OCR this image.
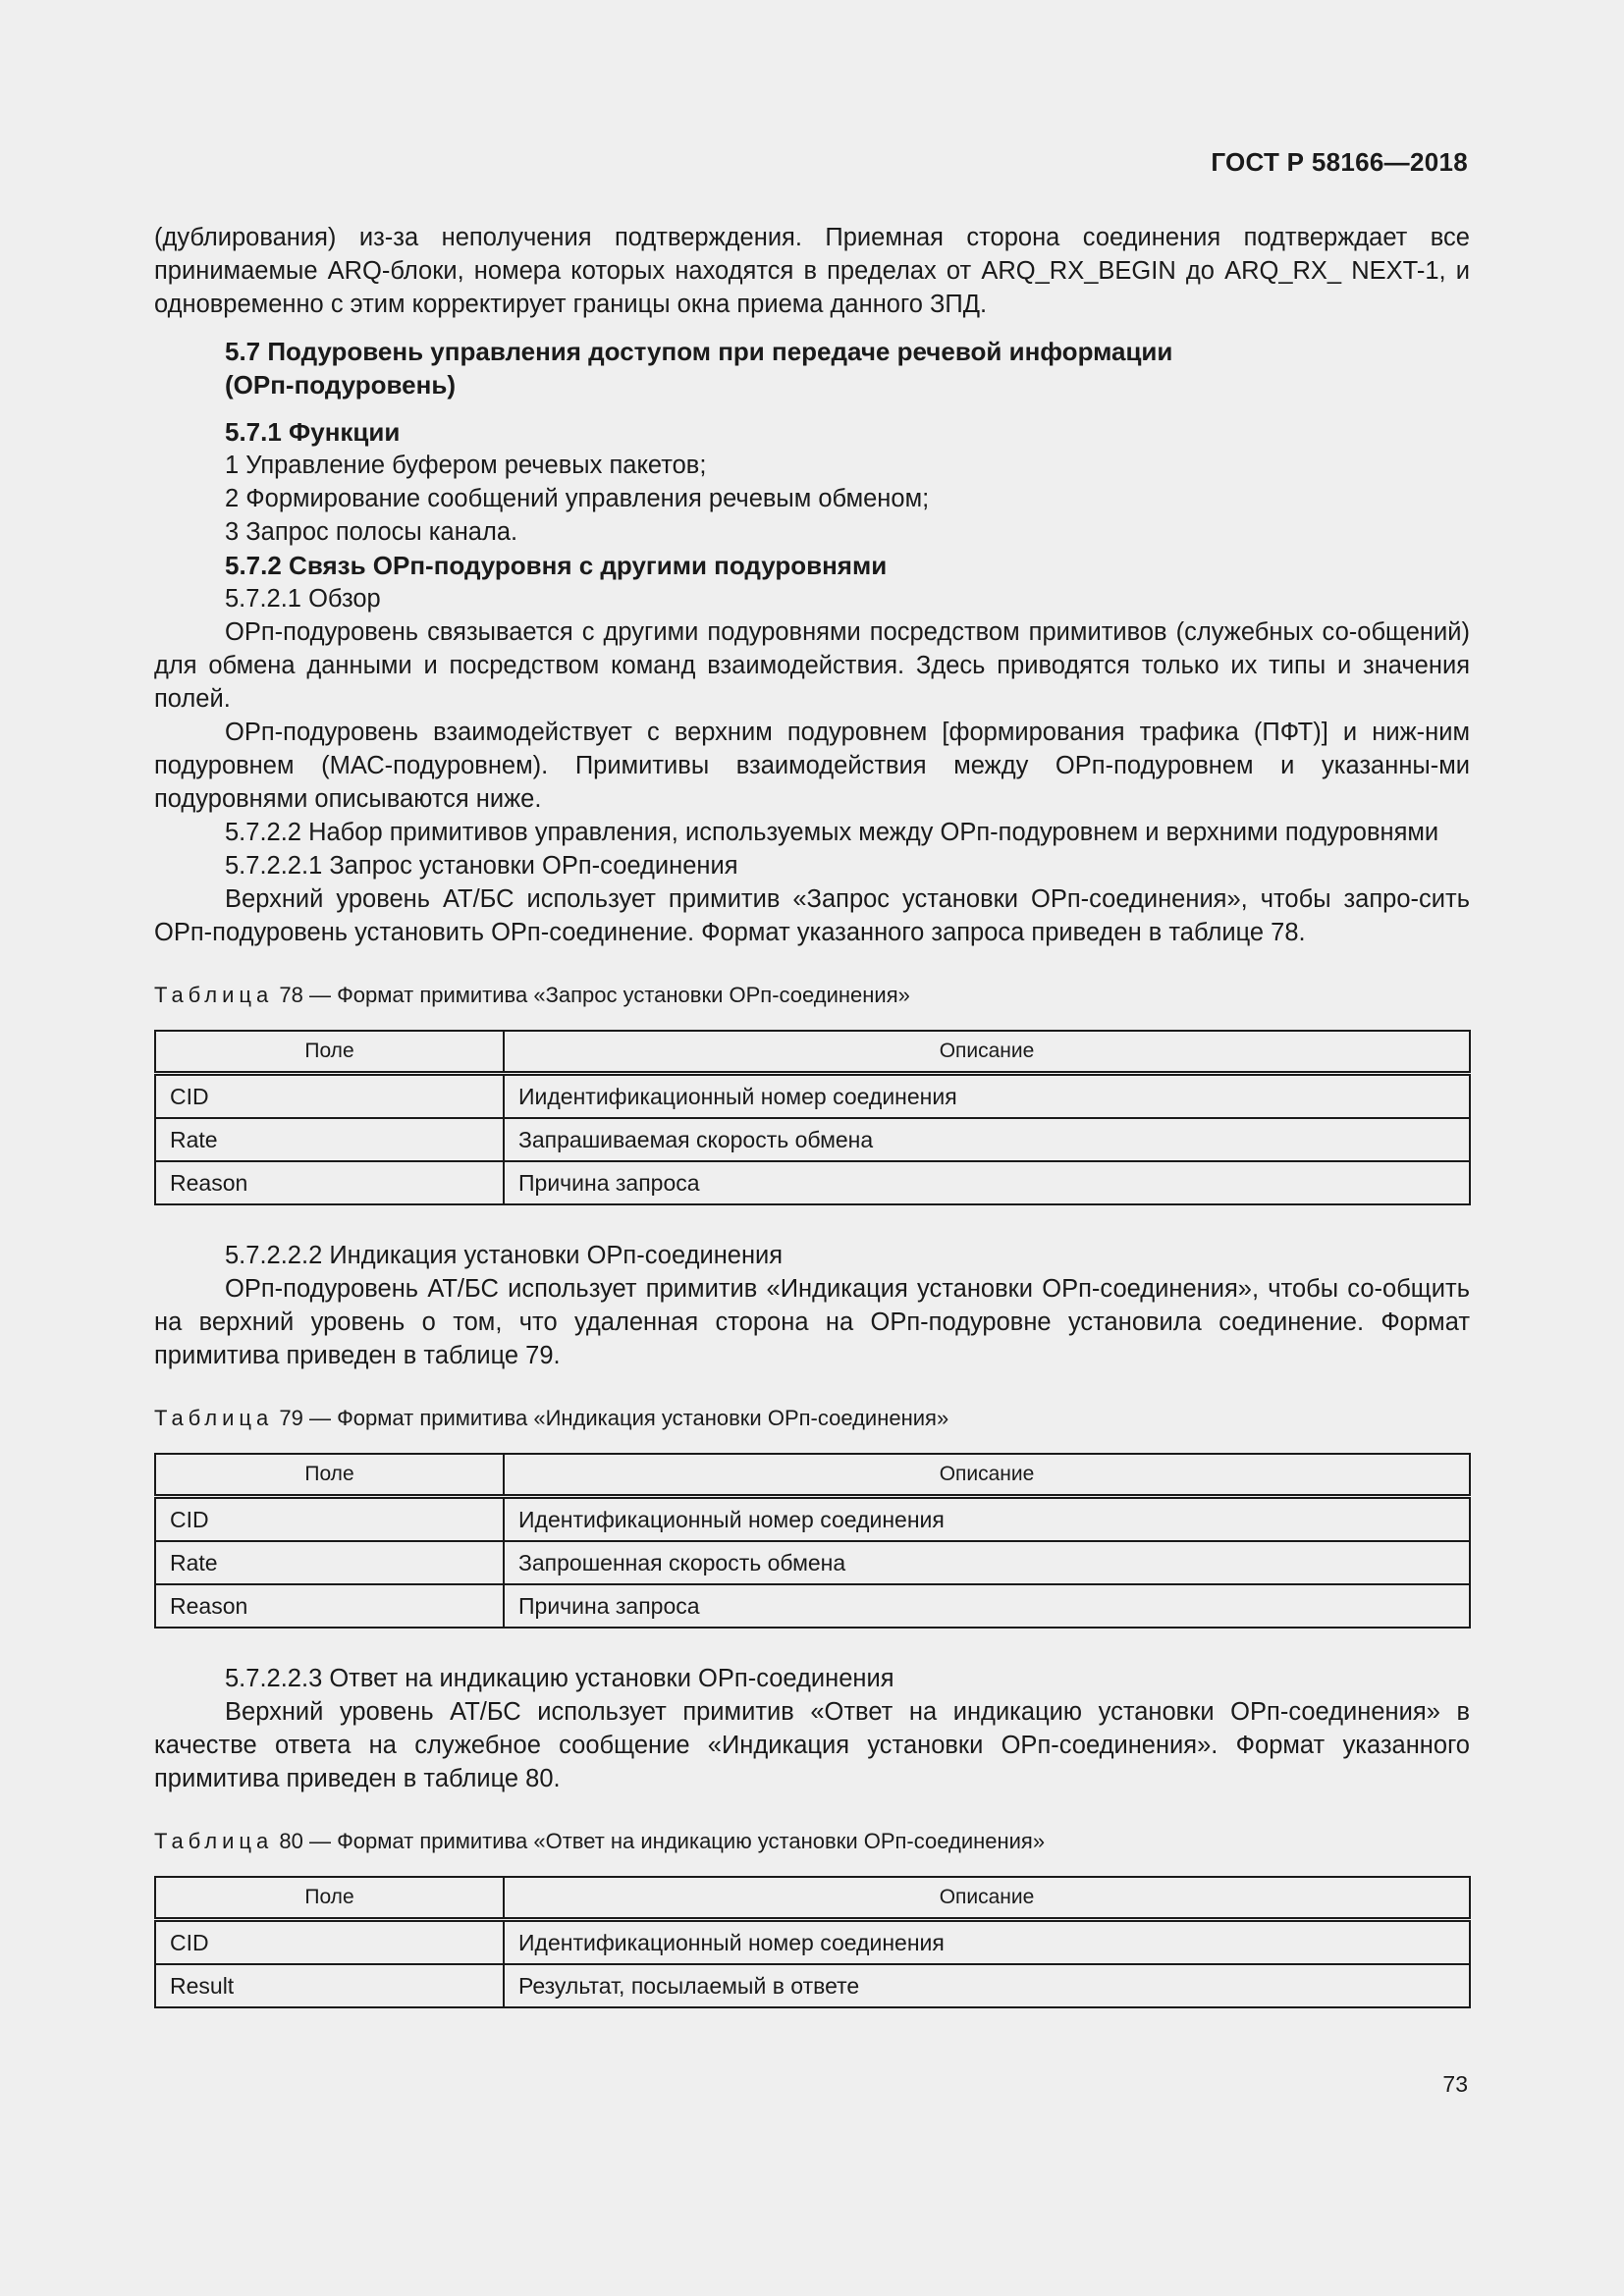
ГОСТ Р 58166—2018

(дублирования) из-за неполучения подтверждения. Приемная сторона соединения подтверждает все принимаемые ARQ-блоки, номера которых находятся в пределах от ARQ_RX_BEGIN до ARQ_RX_ NEXT-1, и одновременно с этим корректирует границы окна приема данного ЗПД.

5.7 Подуровень управления доступом при передаче речевой информации
(ОРп-подуровень)
5.7.1 Функции
1 Управление буфером речевых пакетов;
2 Формирование сообщений управления речевым обменом;
3 Запрос полосы канала.
5.7.2 Связь ОРп-подуровня с другими подуровнями
5.7.2.1 Обзор

ОРп-подуровень связывается с другими подуровнями посредством примитивов (служебных со-общений) для обмена данными и посредством команд взаимодействия. Здесь приводятся только их типы и значения полей.

ОРп-подуровень взаимодействует с верхним подуровнем [формирования трафика (ПФТ)] и ниж-ним подуровнем (МАС-подуровнем). Примитивы взаимодействия между ОРп-подуровнем и указанны-ми подуровнями описываются ниже.

5.7.2.2 Набор примитивов управления, используемых между ОРп-подуровнем и верхними подуровнями

5.7.2.2.1 Запрос установки ОРп-соединения

Верхний уровень АТ/БС использует примитив «Запрос установки ОРп-соединения», чтобы запро-сить ОРп-подуровень установить ОРп-соединение. Формат указанного запроса приведен в таблице 78.

Таблица 78 — Формат примитива «Запрос установки ОРп-соединения»
Поле	Описание
CID	Иидентификационный номер соединения
Rate	Запрашиваемая скорость обмена
Reason	Причина запроса
5.7.2.2.2 Индикация установки ОРп-соединения

ОРп-подуровень АТ/БС использует примитив «Индикация установки ОРп-соединения», чтобы со-общить на верхний уровень о том, что удаленная сторона на ОРп-подуровне установила соединение. Формат примитива приведен в таблице 79.

Таблица 79 — Формат примитива «Индикация установки ОРп-соединения»
Поле	Описание
CID	Идентификационный номер соединения
Rate	Запрошенная скорость обмена
Reason	Причина запроса
5.7.2.2.3 Ответ на индикацию установки ОРп-соединения

Верхний уровень АТ/БС использует примитив «Ответ на индикацию установки ОРп-соединения» в качестве ответа на служебное сообщение «Индикация установки ОРп-соединения». Формат указанного примитива приведен в таблице 80.

Таблица 80 — Формат примитива «Ответ на индикацию установки ОРп-соединения»
Поле	Описание
CID	Идентификационный номер соединения
Result	Результат, посылаемый в ответе
73
